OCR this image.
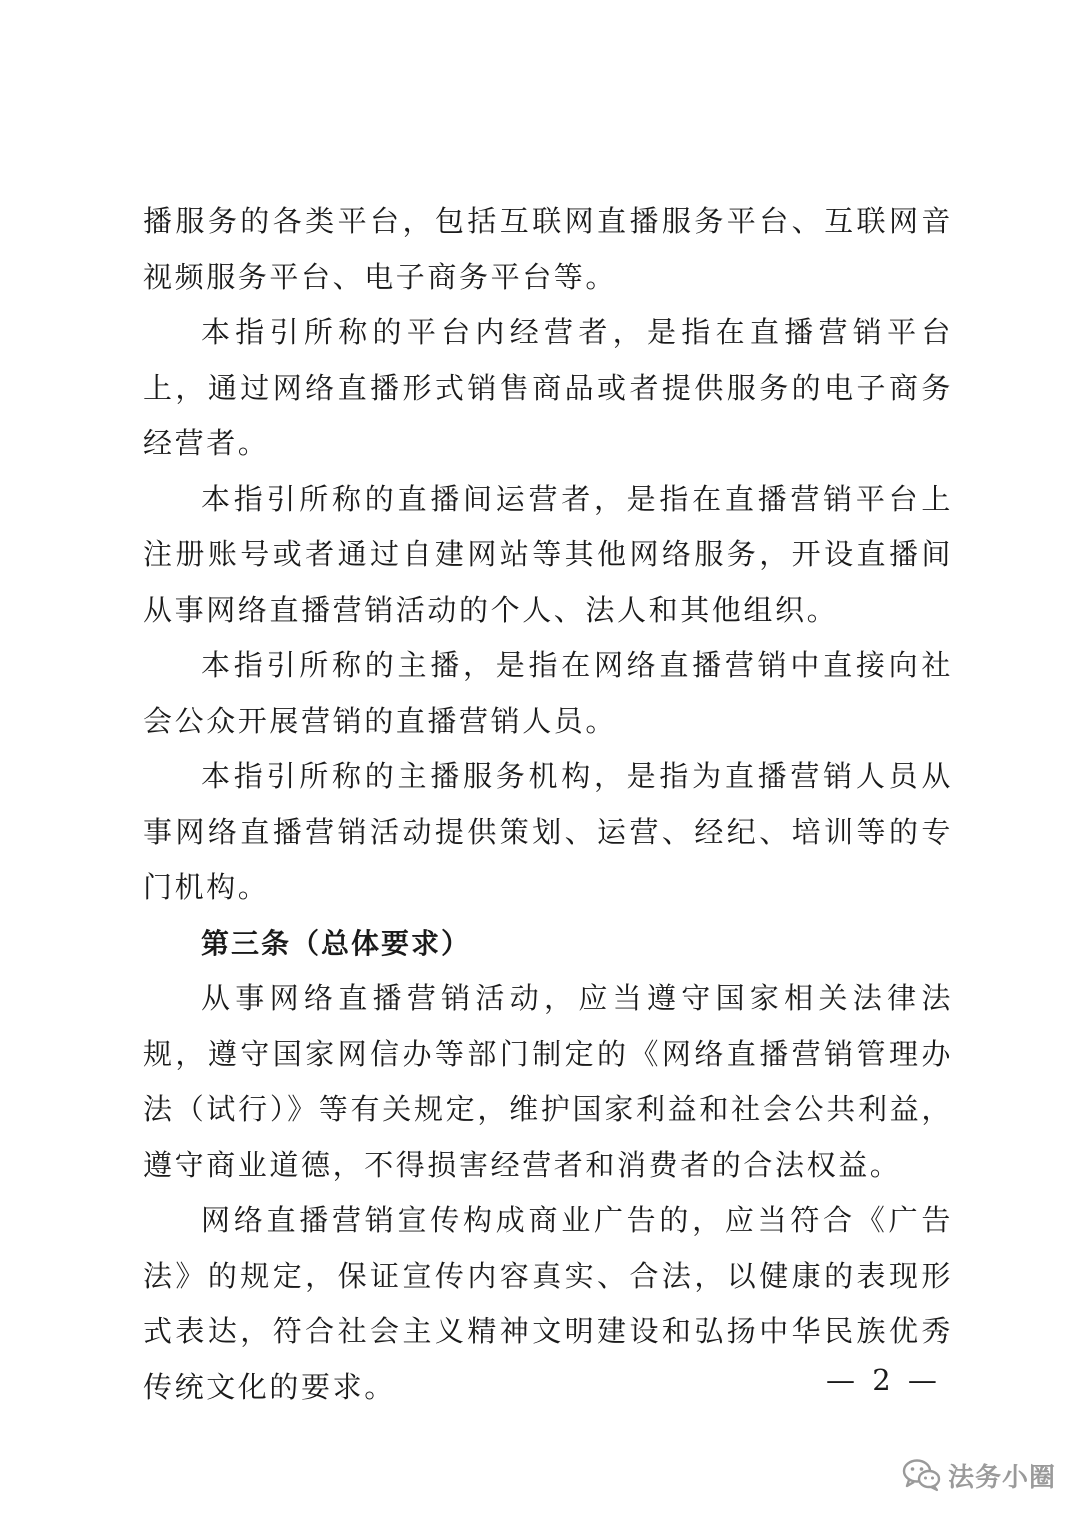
播服务的各类平台，包括互联网直播服务平台、互联网音视频服务平台、电子商务平台等。

本指引所称的平台内经营者，是指在直播营销平台上，通过网络直播形式销售商品或者提供服务的电子商务经营者。

本指引所称的直播间运营者，是指在直播营销平台上注册账号或者通过自建网站等其他网络服务，开设直播间从事网络直播营销活动的个人、法人和其他组织。

本指引所称的主播，是指在网络直播营销中直接向社会公众开展营销的直播营销人员。

本指引所称的主播服务机构，是指为直播营销人员从事网络直播营销活动提供策划、运营、经纪、培训等的专门机构。

第三条（总体要求）

从事网络直播营销活动，应当遵守国家相关法律法规，遵守国家网信办等部门制定的《网络直播营销管理办法（试行）》等有关规定，维护国家利益和社会公共利益，遵守商业道德，不得损害经营者和消费者的合法权益。

网络直播营销宣传构成商业广告的，应当符合《广告法》的规定，保证宣传内容真实、合法，以健康的表现形式表达，符合社会主义精神文明建设和弘扬中华民族优秀传统文化的要求。	— 2 —
法务小圈
